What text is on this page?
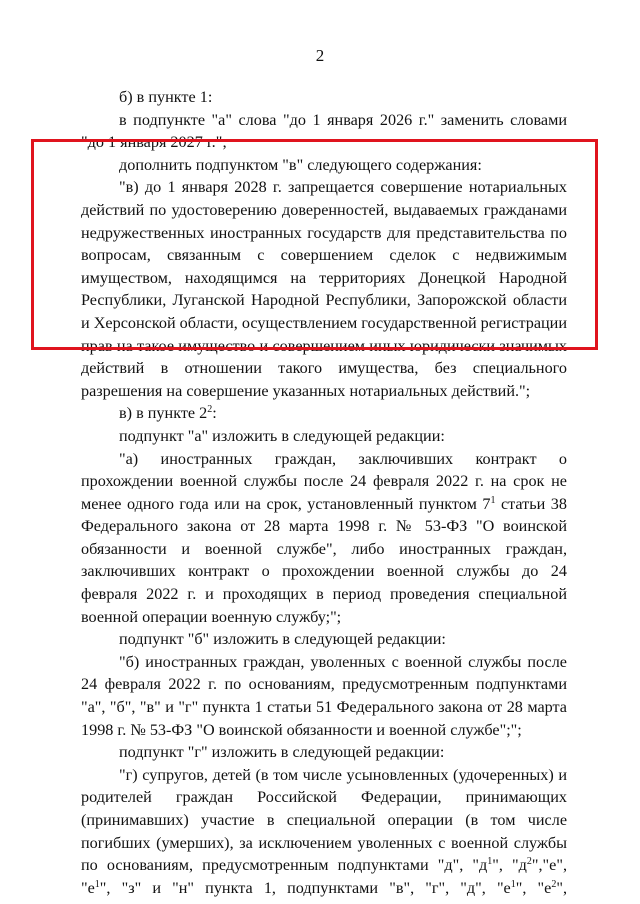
2

б) в пункте 1:

в подпункте "а" слова "до 1 января 2026 г." заменить словами "до 1 января 2027 г.";

дополнить подпунктом "в" следующего содержания:

"в) до 1 января 2028 г. запрещается совершение нотариальных действий по удостоверению доверенностей, выдаваемых гражданами недружественных иностранных государств для представительства по вопросам, связанным с совершением сделок с недвижимым имуществом, находящимся на территориях Донецкой Народной Республики, Луганской Народной Республики, Запорожской области и Херсонской области, осуществлением государственной регистрации прав на такое имущество и совершением иных юридически значимых действий в отношении такого имущества, без специального разрешения на совершение указанных нотариальных действий.";

в) в пункте $2^2$:

подпункт "а" изложить в следующей редакции:

"а) иностранных граждан, заключивших контракт о прохождении военной службы после 24 февраля 2022 г. на срок не менее одного года или на срок, установленный пунктом $7^1$ статьи 38 Федерального закона от 28 марта 1998 г. № 53-ФЗ "О воинской обязанности и военной службе", либо иностранных граждан, заключивших контракт о прохождении военной службы до 24 февраля 2022 г. и проходящих в период проведения специальной военной операции военную службу;";

подпункт "б" изложить в следующей редакции:

"б) иностранных граждан, уволенных с военной службы после 24 февраля 2022 г. по основаниям, предусмотренным подпунктами "а", "б", "в" и "г" пункта 1 статьи 51 Федерального закона от 28 марта 1998 г. № 53-ФЗ "О воинской обязанности и военной службе";";

подпункт "г" изложить в следующей редакции:

"г) супругов, детей (в том числе усыновленных (удочеренных) и родителей граждан Российской Федерации, принимающих (принимавших) участие в специальной операции (в том числе погибших (умерших), за исключением уволенных с военной службы по основаниям, предусмотренным подпунктами "д", "$д^1$", "$д^2","е$", "$е^1$", "з" и "н" пункта 1, подпунктами "в", "г", "д", "$е^1$", "$е^2$",
